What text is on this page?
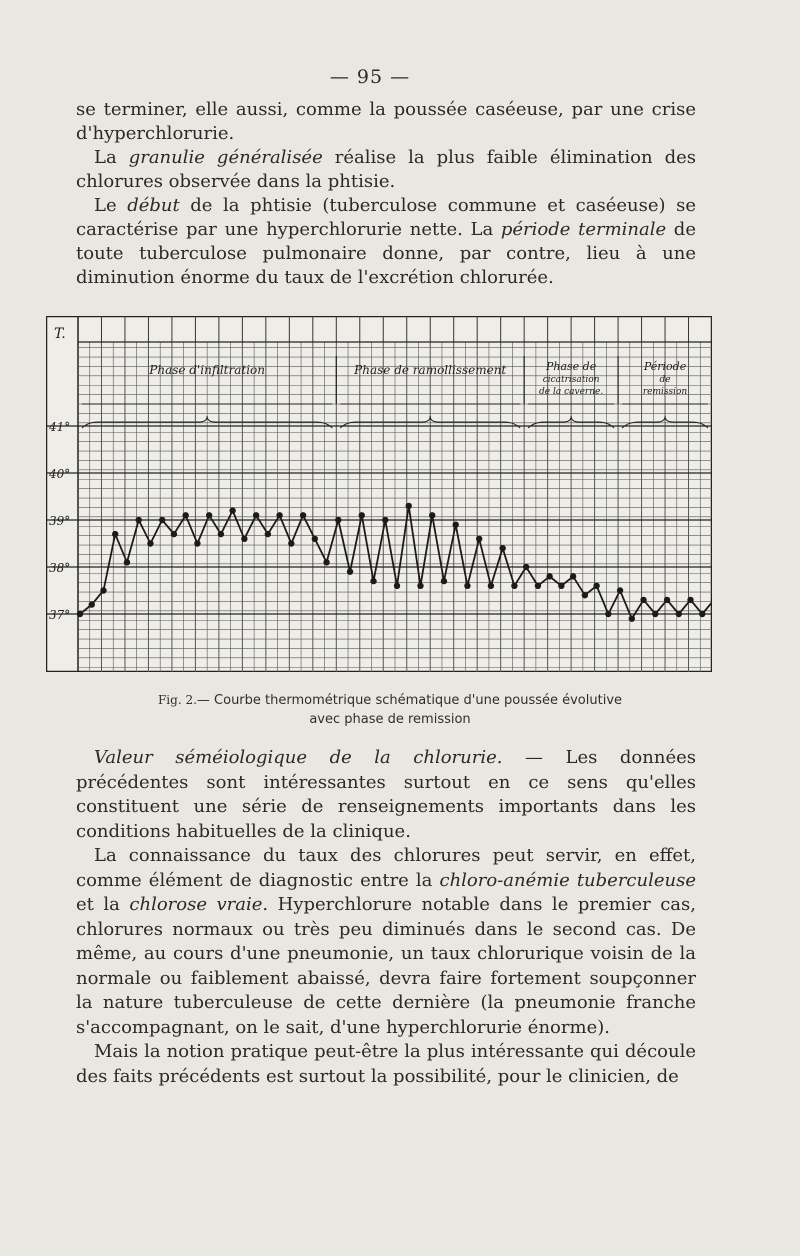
— 95 —

se terminer, elle aussi, comme la poussée caséeuse, par une crise d'hyperchlorurie.

La granulie généralisée réalise la plus faible élimination des chlorures observée dans la phtisie.

Le début de la phtisie (tuberculose commune et caséeuse) se caractérise par une hyperchlorurie nette. La période terminale de toute tuberculose pulmonaire donne, par contre, lieu à une diminution énorme du taux de l'excrétion chlorurée.

Phase d'infiltration	Phase de ramollissement	Phase de
cicatrisation
de la caverne.
Période
de
remission
37°
38°
39°
40°
41°
T.
Fig. 2.— Courbe thermométrique schématique d'une poussée évolutive
avec phase de remission

Valeur séméiologique de la chlorurie. — Les données précédentes sont intéressantes surtout en ce sens qu'elles constituent une série de renseignements importants dans les conditions habituelles de la clinique.

La connaissance du taux des chlorures peut servir, en effet, comme élément de diagnostic entre la chloro-anémie tuberculeuse et la chlorose vraie. Hyperchlorure notable dans le premier cas, chlorures normaux ou très peu diminués dans le second cas. De même, au cours d'une pneumonie, un taux chlorurique voisin de la normale ou faiblement abaissé, devra faire fortement soupçonner la nature tuberculeuse de cette dernière (la pneumonie franche s'accompagnant, on le sait, d'une hyperchlorurie énorme).

Mais la notion pratique peut-être la plus intéressante qui découle des faits précédents est surtout la possibilité, pour le clinicien, de
